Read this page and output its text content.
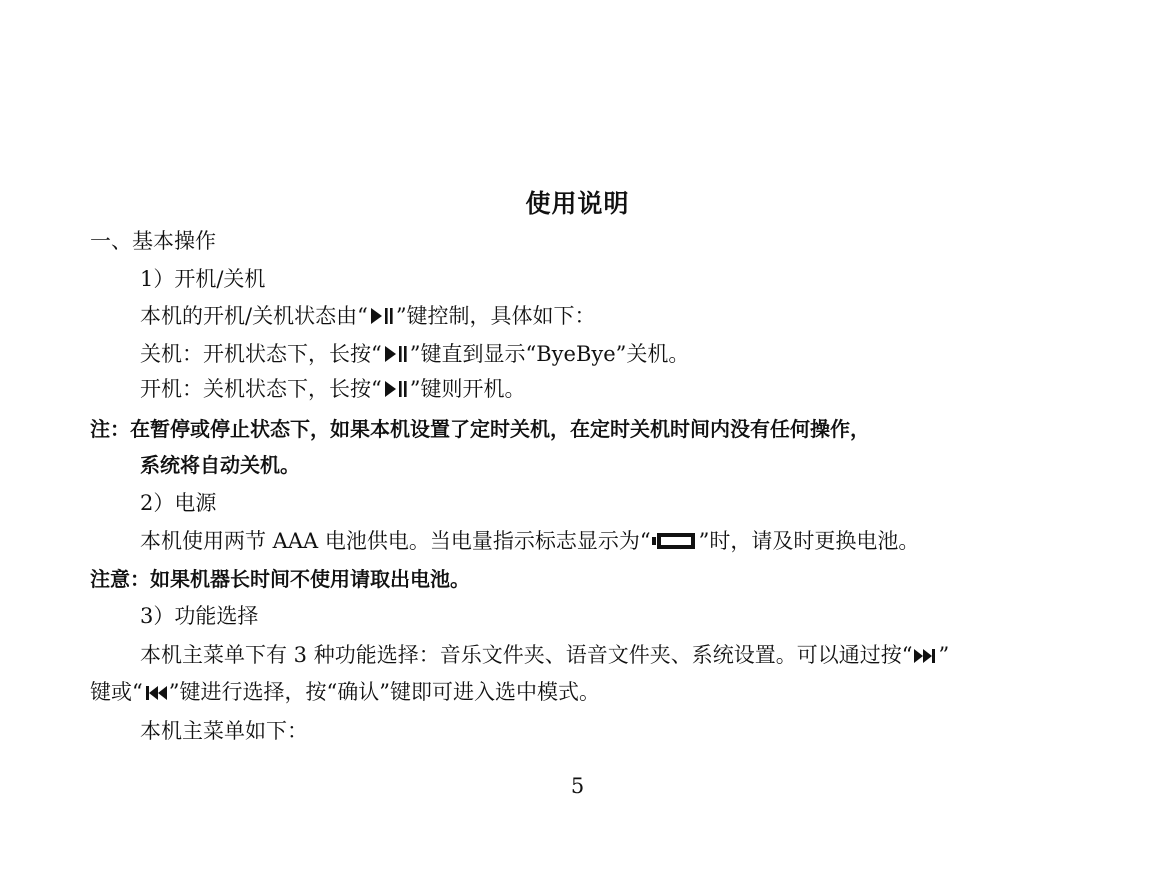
使用说明
一、基本操作
1）开机/关机
本机的开机/关机状态由“ ”键控制，具体如下：
关机：开机状态下，长按“ ”键直到显示“ByeBye”关机。
开机：关机状态下，长按“ ”键则开机。
注：在暂停或停止状态下，如果本机设置了定时关机，在定时关机时间内没有任何操作，
系统将自动关机。
2）电源
本机使用两节 AAA 电池供电。当电量指示标志显示为“ ”时，请及时更换电池。
注意：如果机器长时间不使用请取出电池。
3）功能选择
本机主菜单下有 3 种功能选择：音乐文件夹、语音文件夹、系统设置。可以通过按“ ”
键或“ ”键进行选择，按“确认”键即可进入选中模式。
本机主菜单如下：
5
